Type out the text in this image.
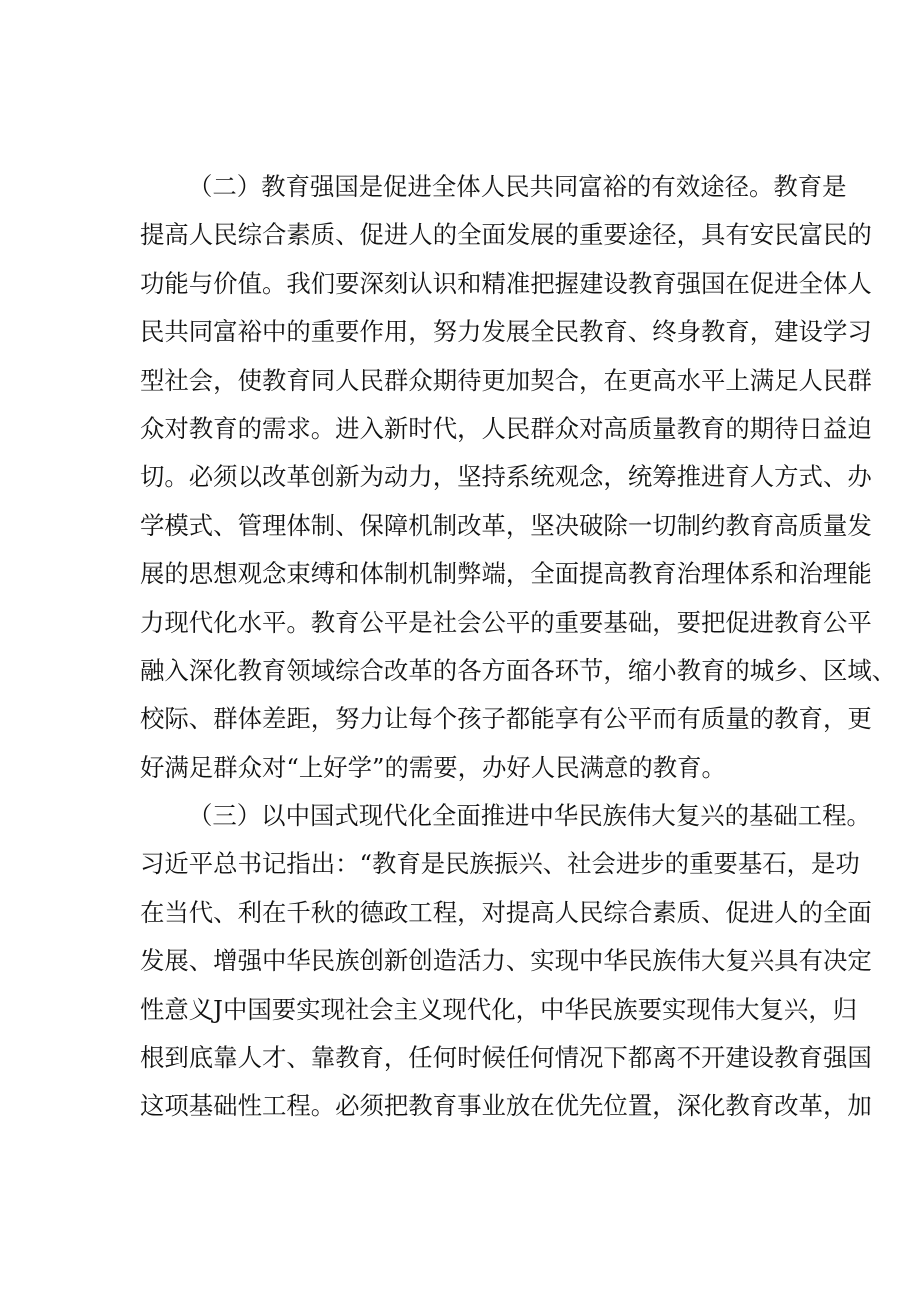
（二）教育强国是促进全体人民共同富裕的有效途径。教育是
提高人民综合素质、促进人的全面发展的重要途径，具有安民富民的
功能与价值。我们要深刻认识和精准把握建设教育强国在促进全体人
民共同富裕中的重要作用，努力发展全民教育、终身教育，建设学习
型社会，使教育同人民群众期待更加契合，在更高水平上满足人民群
众对教育的需求。进入新时代，人民群众对高质量教育的期待日益迫
切。必须以改革创新为动力，坚持系统观念，统筹推进育人方式、办
学模式、管理体制、保障机制改革，坚决破除一切制约教育高质量发
展的思想观念束缚和体制机制弊端，全面提高教育治理体系和治理能
力现代化水平。教育公平是社会公平的重要基础，要把促进教育公平
融入深化教育领域综合改革的各方面各环节，缩小教育的城乡、区域、
校际、群体差距，努力让每个孩子都能享有公平而有质量的教育，更
好满足群众对“上好学”的需要，办好人民满意的教育。
（三）以中国式现代化全面推进中华民族伟大复兴的基础工程。
习近平总书记指出：“教育是民族振兴、社会进步的重要基石，是功
在当代、利在千秋的德政工程，对提高人民综合素质、促进人的全面
发展、增强中华民族创新创造活力、实现中华民族伟大复兴具有决定
性意义J中国要实现社会主义现代化，中华民族要实现伟大复兴，归
根到底靠人才、靠教育，任何时候任何情况下都离不开建设教育强国
这项基础性工程。必须把教育事业放在优先位置，深化教育改革，加
